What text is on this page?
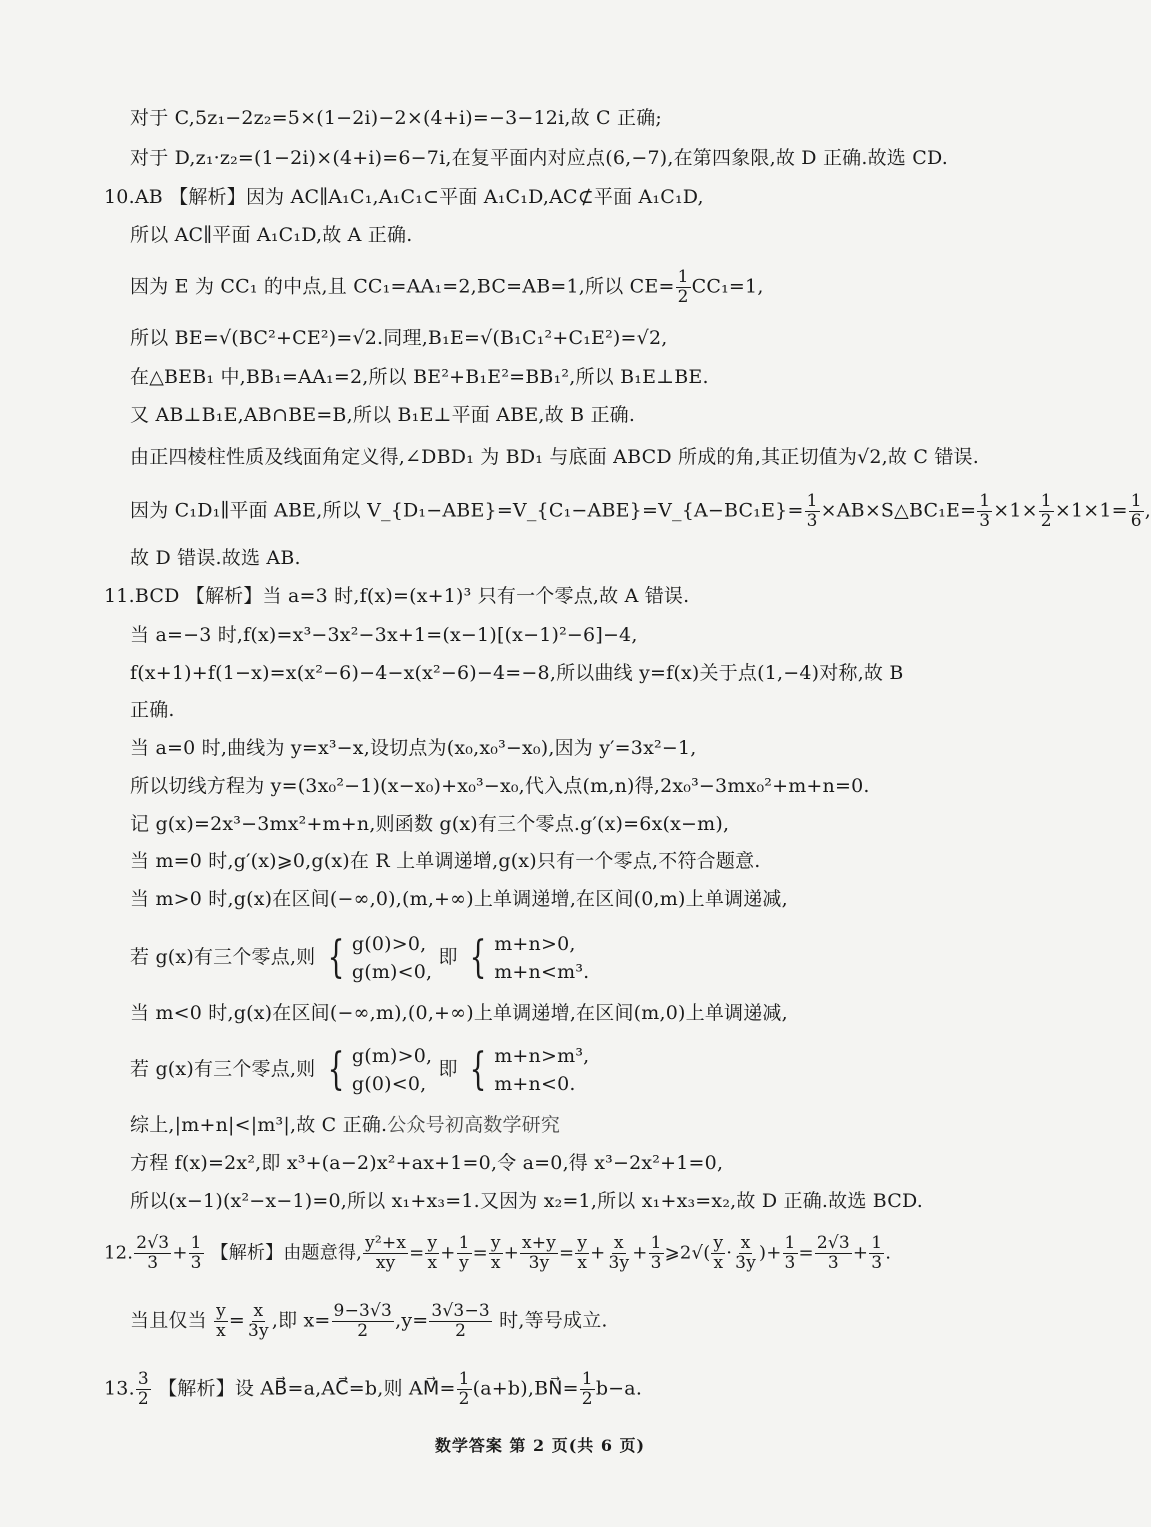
对于 C,5z₁−2z₂=5×(1−2i)−2×(4+i)=−3−12i,故 C 正确;
对于 D,z₁·z₂=(1−2i)×(4+i)=6−7i,在复平面内对应点(6,−7),在第四象限,故 D 正确.故选 CD.
10.AB 【解析】因为 AC∥A₁C₁,A₁C₁⊂平面 A₁C₁D,AC⊄平面 A₁C₁D,
所以 AC∥平面 A₁C₁D,故 A 正确.
因为 E 为 CC₁ 的中点,且 CC₁=AA₁=2,BC=AB=1,所以 $CE= \frac{1}{2} CC_1=1$,
所以 BE=√(BC²+CE²)=√2.同理,B₁E=√(B₁C₁²+C₁E²)=√2,
在△BEB₁ 中,BB₁=AA₁=2,所以 BE²+B₁E²=BB₁²,所以 B₁E⊥BE.
又 AB⊥B₁E,AB∩BE=B,所以 B₁E⊥平面 ABE,故 B 正确.
由正四棱柱性质及线面角定义得,∠DBD₁ 为 BD₁ 与底面 ABCD 所成的角,其正切值为√2,故 C 错误.
因为 C₁D₁∥平面 ABE,所以 V_{D₁−ABE}=V_{C₁−ABE}=V_{A−BC₁E}= $\frac{1}{3}$ ×AB×S△BC₁E= $\frac{1}{3} \times 1\times \frac{1}{2} \times 1\times 1= \frac{1}{6}$ ,
故 D 错误.故选 AB.
11.BCD 【解析】当 a=3 时,f(x)=(x+1)³ 只有一个零点,故 A 错误.
当 a=−3 时,f(x)=x³−3x²−3x+1=(x−1)[(x−1)²−6]−4,
f(x+1)+f(1−x)=x(x²−6)−4−x(x²−6)−4=−8,所以曲线 y=f(x)关于点(1,−4)对称,故 B
正确.
当 a=0 时,曲线为 y=x³−x,设切点为(x₀,x₀³−x₀),因为 y′=3x²−1,
所以切线方程为 y=(3x₀²−1)(x−x₀)+x₀³−x₀,代入点(m,n)得,2x₀³−3mx₀²+m+n=0.
记 g(x)=2x³−3mx²+m+n,则函数 g(x)有三个零点.g′(x)=6x(x−m),
当 m=0 时,g′(x)⩾0,g(x)在 R 上单调递增,g(x)只有一个零点,不符合题意.
当 m>0 时,g(x)在区间(−∞,0),(m,+∞)上单调递增,在区间(0,m)上单调递减,
若 g(x)有三个零点,则 { g(0)>0,
g(m)<0,
即 { m+n>0,
m+n<m³.
当 m<0 时,g(x)在区间(−∞,m),(0,+∞)上单调递增,在区间(m,0)上单调递减,
若 g(x)有三个零点,则 { g(m)>0,
g(0)<0,
即 { m+n>m³,
m+n<0.
综上,|m+n|<|m³|,故 C 正确.公众号初高数学研究
方程 f(x)=2x²,即 x³+(a−2)x²+ax+1=0,令 a=0,得 x³−2x²+1=0,
所以(x−1)(x²−x−1)=0,所以 x₁+x₃=1.又因为 x₂=1,所以 x₁+x₃=x₂,故 D 正确.故选 BCD.
12. $\frac{2√3}{3} + \frac{1}{3}$ 【解析】由题意得, $\frac{\text{y²+x}}{xy} = \frac{y}{x} + \frac{1}{y} = \frac{y}{x} + \frac{x+y}{3y} = \frac{y}{x} + \frac{x}{3y} + \frac{1}{3}$ ⩾2√( $\frac{y}{x} \cdot \frac{x}{3y}$ )+ $\frac{1}{3} = \frac{2√3}{3} + \frac{1}{3}$ .
当且仅当 $\frac{y}{x} = \frac{x}{3y}$ ,即 $x= \frac{9-3√3}{2} ,y= \frac{3√3-3}{2}$ 时,等号成立.
13. $\frac{3}{2}$ 【解析】设 AB⃗=a,AC⃗=b,则 AM⃗= $\frac{1}{2}$ (a+b),BN⃗= $\frac{1}{2} b-a$.
数学答案 第 2 页(共 6 页)
